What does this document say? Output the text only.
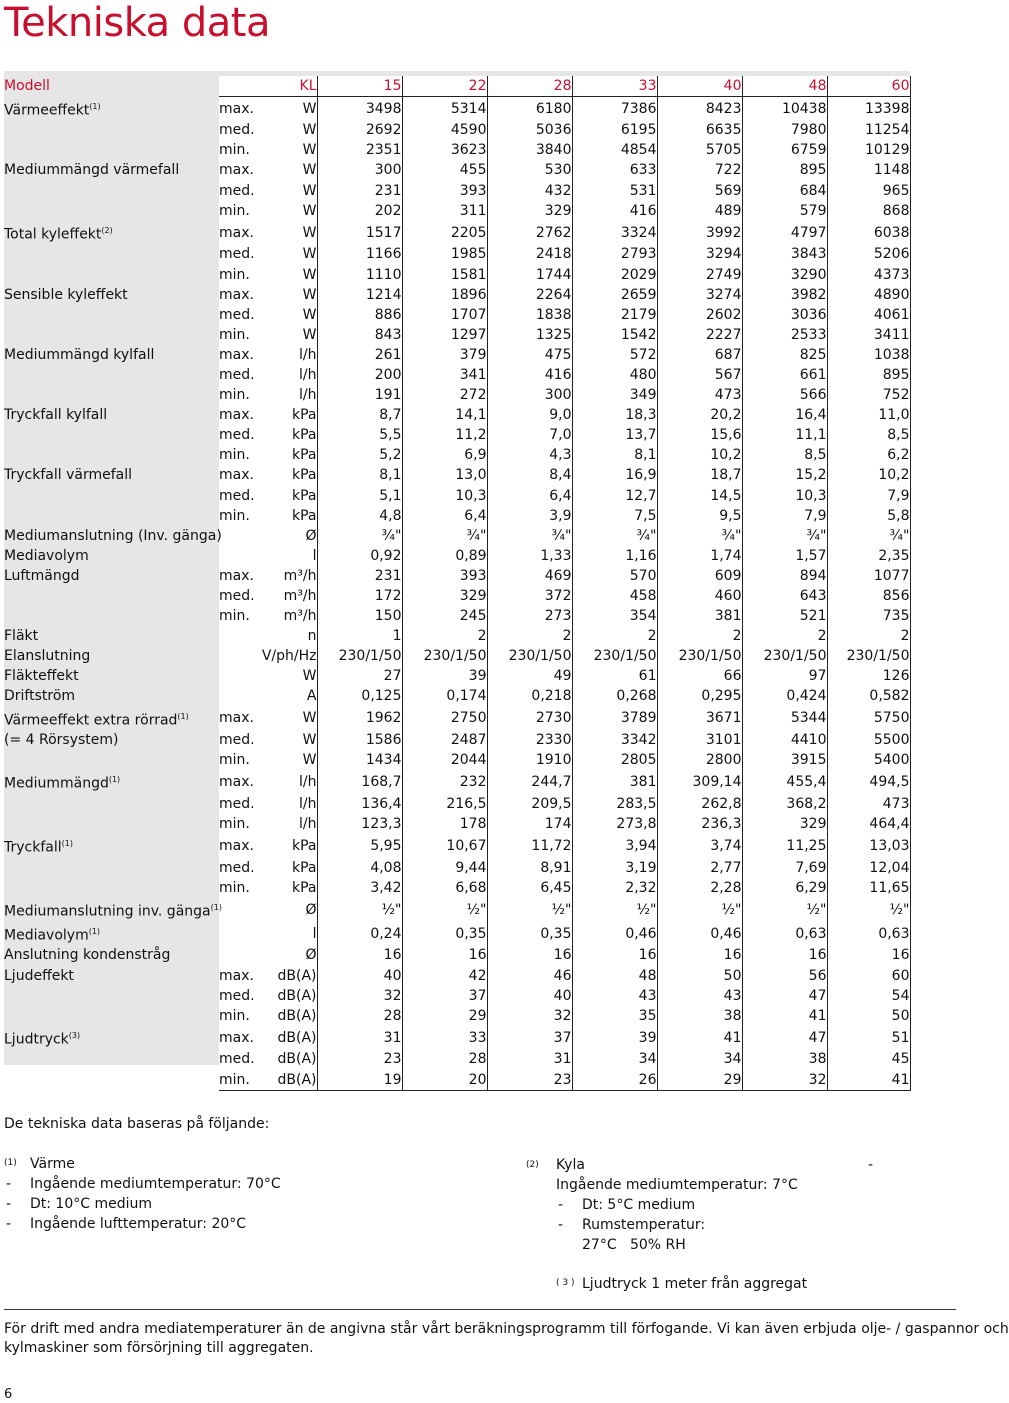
Tekniska data
Modell		KL	15	22	28	33	40	48	60
Värmeeffekt$^{(1)}$	max.	W	3498	5314	6180	7386	8423	10438	13398
	med.	W	2692	4590	5036	6195	6635	7980	11254
	min.	W	2351	3623	3840	4854	5705	6759	10129
Mediummängd värmefall	max.	W	300	455	530	633	722	895	1148
	med.	W	231	393	432	531	569	684	965
	min.	W	202	311	329	416	489	579	868
Total kyleffekt$^{(2)}$	max.	W	1517	2205	2762	3324	3992	4797	6038
	med.	W	1166	1985	2418	2793	3294	3843	5206
	min.	W	1110	1581	1744	2029	2749	3290	4373
Sensible kyleffekt	max.	W	1214	1896	2264	2659	3274	3982	4890
	med.	W	886	1707	1838	2179	2602	3036	4061
	min.	W	843	1297	1325	1542	2227	2533	3411
Mediummängd kylfall	max.	l/h	261	379	475	572	687	825	1038
	med.	l/h	200	341	416	480	567	661	895
	min.	l/h	191	272	300	349	473	566	752
Tryckfall kylfall	max.	kPa	8,7	14,1	9,0	18,3	20,2	16,4	11,0
	med.	kPa	5,5	11,2	7,0	13,7	15,6	11,1	8,5
	min.	kPa	5,2	6,9	4,3	8,1	10,2	8,5	6,2
Tryckfall värmefall	max.	kPa	8,1	13,0	8,4	16,9	18,7	15,2	10,2
	med.	kPa	5,1	10,3	6,4	12,7	14,5	10,3	7,9
	min.	kPa	4,8	6,4	3,9	7,5	9,5	7,9	5,8
Mediumanslutning (Inv. gänga)		Ø	¾"	¾"	¾"	¾"	¾"	¾"	¾"
Mediavolym		l	0,92	0,89	1,33	1,16	1,74	1,57	2,35
Luftmängd	max.	m³/h	231	393	469	570	609	894	1077
	med.	m³/h	172	329	372	458	460	643	856
	min.	m³/h	150	245	273	354	381	521	735
Fläkt		n	1	2	2	2	2	2	2
Elanslutning		V/ph/Hz	230/1/50	230/1/50	230/1/50	230/1/50	230/1/50	230/1/50	230/1/50
Fläkteffekt		W	27	39	49	61	66	97	126
Driftström		A	0,125	0,174	0,218	0,268	0,295	0,424	0,582
Värmeeffekt extra rörrad$^{(1)}$	max.	W	1962	2750	2730	3789	3671	5344	5750
(= 4 Rörsystem)	med.	W	1586	2487	2330	3342	3101	4410	5500
	min.	W	1434	2044	1910	2805	2800	3915	5400
Mediummängd$^{(1)}$	max.	l/h	168,7	232	244,7	381	309,14	455,4	494,5
	med.	l/h	136,4	216,5	209,5	283,5	262,8	368,2	473
	min.	l/h	123,3	178	174	273,8	236,3	329	464,4
Tryckfall$^{(1)}$	max.	kPa	5,95	10,67	11,72	3,94	3,74	11,25	13,03
	med.	kPa	4,08	9,44	8,91	3,19	2,77	7,69	12,04
	min.	kPa	3,42	6,68	6,45	2,32	2,28	6,29	11,65
Mediumanslutning inv. gänga$^{(1)}$		Ø	½"	½"	½"	½"	½"	½"	½"
Mediavolym$^{(1)}$		l	0,24	0,35	0,35	0,46	0,46	0,63	0,63
Anslutning kondenstråg		Ø	16	16	16	16	16	16	16
Ljudeffekt	max.	dB(A)	40	42	46	48	50	56	60
	med.	dB(A)	32	37	40	43	43	47	54
	min.	dB(A)	28	29	32	35	38	41	50
Ljudtryck$^{(3)}$	max.	dB(A)	31	33	37	39	41	47	51
	med.	dB(A)	23	28	31	34	34	38	45
	min.	dB(A)	19	20	23	26	29	32	41
De tekniska data baseras på följande:
(1) Värme
- Ingående mediumtemperatur: 70°C
- Dt: 10°C medium
- Ingående lufttemperatur: 20°C
(2) Kyla	-
Ingående mediumtemperatur: 7°C
- Dt: 5°C medium
- Rumstemperatur:
27°C   50% RH
( 3 ) Ljudtryck 1 meter från aggregat
För drift med andra mediatemperaturer än de angivna står vårt beräkningsprogramm till förfogande. Vi kan även erbjuda olje- / gaspannor och
kylmaskiner som försörjning till aggregaten.
6
